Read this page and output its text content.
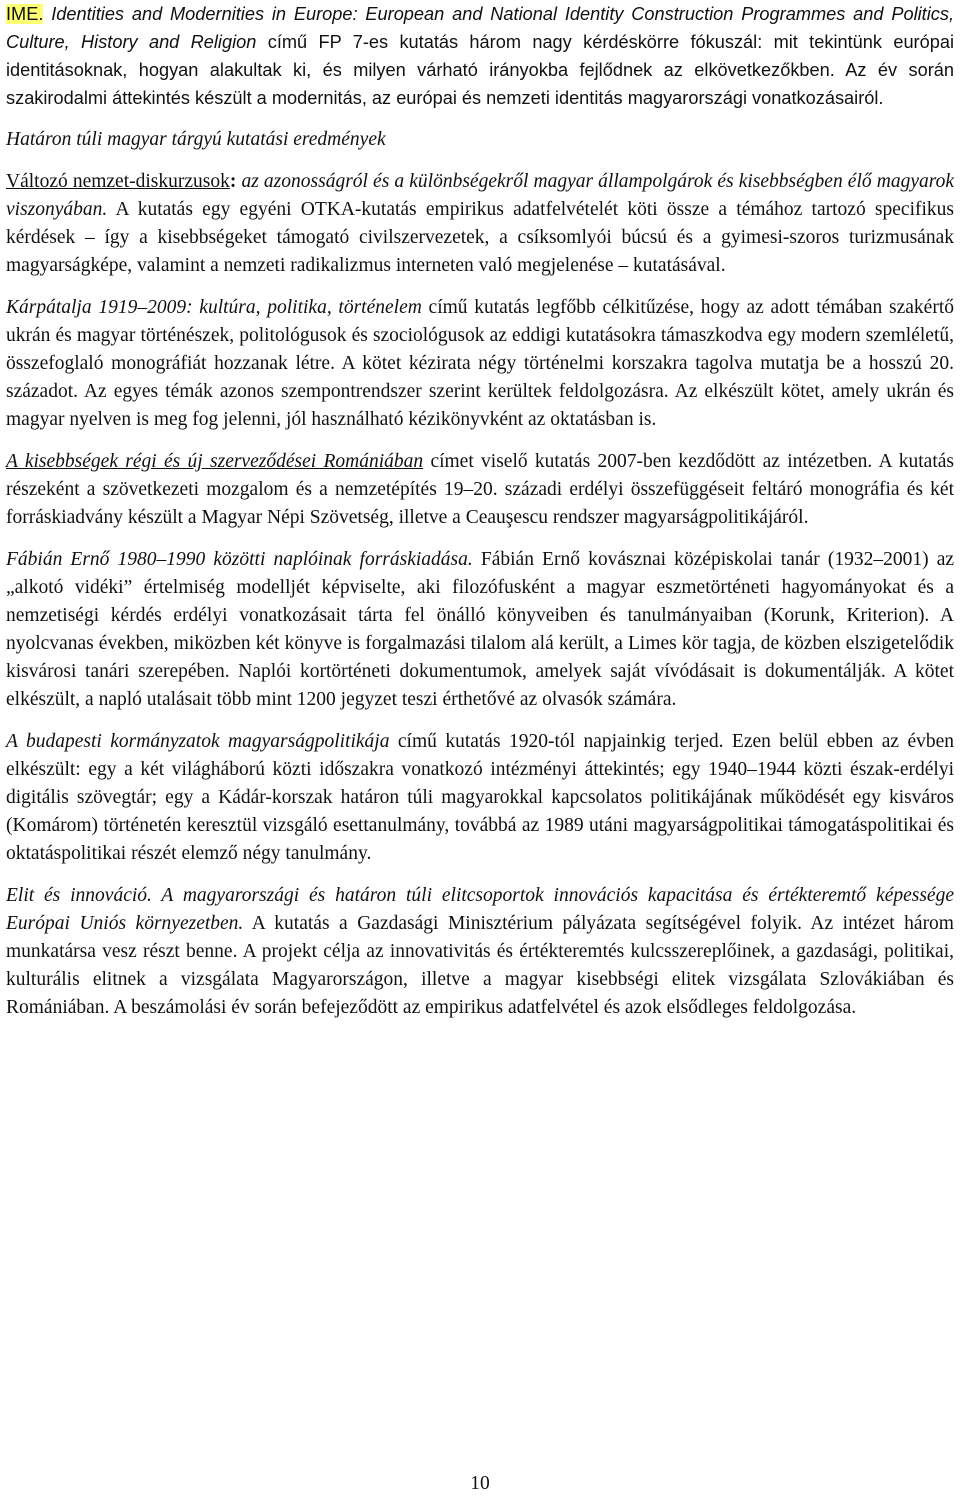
IME. Identities and Modernities in Europe: European and National Identity Construction Programmes and Politics, Culture, History and Religion című FP 7-es kutatás három nagy kérdéskörre fókuszál: mit tekintünk európai identitásoknak, hogyan alakultak ki, és milyen várható irányokba fejlődnek az elkövetkezőkben. Az év során szakirodalmi áttekintés készült a modernitás, az európai és nemzeti identitás magyarországi vonatkozásairól.

Határon túli magyar tárgyú kutatási eredmények

Változó nemzet-diskurzusok: az azonosságról és a különbségekről magyar állampolgárok és kisebbségben élő magyarok viszonyában. A kutatás egy egyéni OTKA-kutatás empirikus adatfelvételét köti össze a témához tartozó specifikus kérdések – így a kisebbségeket támogató civilszervezetek, a csíksomlyói búcsú és a gyimesi-szoros turizmusának magyarságképe, valamint a nemzeti radikalizmus interneten való megjelenése – kutatásával.

Kárpátalja 1919–2009: kultúra, politika, történelem című kutatás legfőbb célkitűzése, hogy az adott témában szakértő ukrán és magyar történészek, politológusok és szociológusok az eddigi kutatásokra támaszkodva egy modern szemléletű, összefoglaló monográfiát hozzanak létre. A kötet kézirata négy történelmi korszakra tagolva mutatja be a hosszú 20. századot. Az egyes témák azonos szempontrendszer szerint kerültek feldolgozásra. Az elkészült kötet, amely ukrán és magyar nyelven is meg fog jelenni, jól használható kézikönyvként az oktatásban is.

A kisebbségek régi és új szerveződései Romániában címet viselő kutatás 2007-ben kezdődött az intézetben. A kutatás részeként a szövetkezeti mozgalom és a nemzetépítés 19–20. századi erdélyi összefüggéseit feltáró monográfia és két forráskiadvány készült a Magyar Népi Szövetség, illetve a Ceauşescu rendszer magyarságpolitikájáról.

Fábián Ernő 1980–1990 közötti naplóinak forráskiadása. Fábián Ernő kovásznai középiskolai tanár (1932–2001) az „alkotó vidéki” értelmiség modelljét képviselte, aki filozófusként a magyar eszmetörténeti hagyományokat és a nemzetiségi kérdés erdélyi vonatkozásait tárta fel önálló könyveiben és tanulmányaiban (Korunk, Kriterion). A nyolcvanas években, miközben két könyve is forgalmazási tilalom alá került, a Limes kör tagja, de közben elszigetelődik kisvárosi tanári szerepében. Naplói kortörténeti dokumentumok, amelyek saját vívódásait is dokumentálják. A kötet elkészült, a napló utalásait több mint 1200 jegyzet teszi érthetővé az olvasók számára.

A budapesti kormányzatok magyarságpolitikája című kutatás 1920-tól napjainkig terjed. Ezen belül ebben az évben elkészült: egy a két világháború közti időszakra vonatkozó intézményi áttekintés; egy 1940–1944 közti észak-erdélyi digitális szövegtár; egy a Kádár-korszak határon túli magyarokkal kapcsolatos politikájának működését egy kisváros (Komárom) történetén keresztül vizsgáló esettanulmány, továbbá az 1989 utáni magyarságpolitikai támogatáspolitikai és oktatáspolitikai részét elemző négy tanulmány.

Elit és innováció. A magyarországi és határon túli elitcsoportok innovációs kapacitása és értékteremtő képessége Európai Uniós környezetben. A kutatás a Gazdasági Minisztérium pályázata segítségével folyik. Az intézet három munkatársa vesz részt benne. A projekt célja az innovativitás és értékteremtés kulcsszereplőinek, a gazdasági, politikai, kulturális elitnek a vizsgálata Magyarországon, illetve a magyar kisebbségi elitek vizsgálata Szlovákiában és Romániában. A beszámolási év során befejeződött az empirikus adatfelvétel és azok elsődleges feldolgozása.

10
